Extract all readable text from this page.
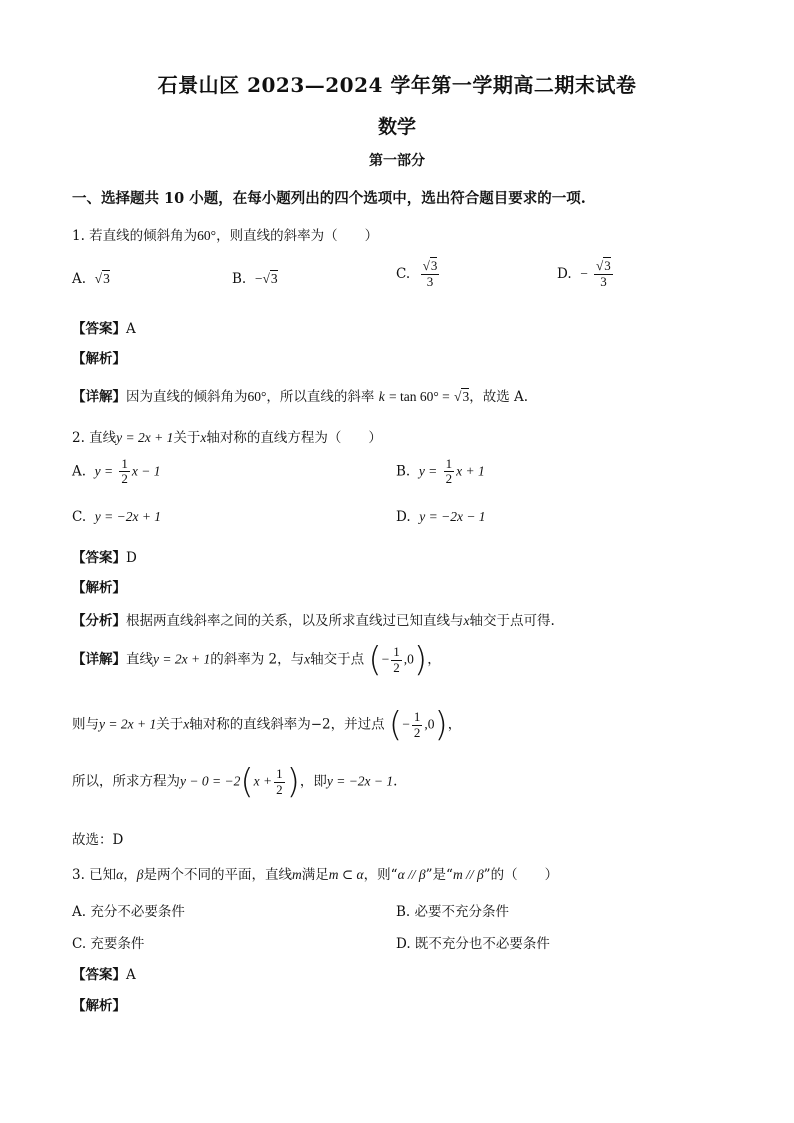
石景山区 2023—2024 学年第一学期高二期末试卷
数学
第一部分
一、选择题共 10 小题，在每小题列出的四个选项中，选出符合题目要求的一项.
1. 若直线的倾斜角为60°，则直线的斜率为（　　）
A. √3	B. −√3	C. $\frac{√3}{3}$	D. − $\frac{√3}{3}$
【答案】A
【解析】
【详解】因为直线的倾斜角为60°，所以直线的斜率 k = tan 60° = √3，故选 A.
2. 直线y = 2x + 1关于x轴对称的直线方程为（　　）
A. $y = \frac{1}{2}$ x − 1	B. $y = \frac{1}{2}$ x + 1
C. y = −2x + 1	D. y = −2x − 1
【答案】D
【解析】
【分析】根据两直线斜率之间的关系，以及所求直线过已知直线与x轴交于点可得.
【详解】直线y = 2x + 1的斜率为 2，与x轴交于点 (− $\frac{1}{2} ,0$)，
则与y = 2x + 1关于x轴对称的直线斜率为−2，并过点 (− $\frac{1}{2} ,0$)，
所以，所求方程为$y - 0 = -2(x + \frac{1}{2}$ )，即y = −2x − 1.
故选：D
3. 已知α，β是两个不同的平面，直线m满足m ⊂ α，则“α // β”是“m // β”的（　　）
A. 充分不必要条件	B. 必要不充分条件
C. 充要条件	D. 既不充分也不必要条件
【答案】A
【解析】
